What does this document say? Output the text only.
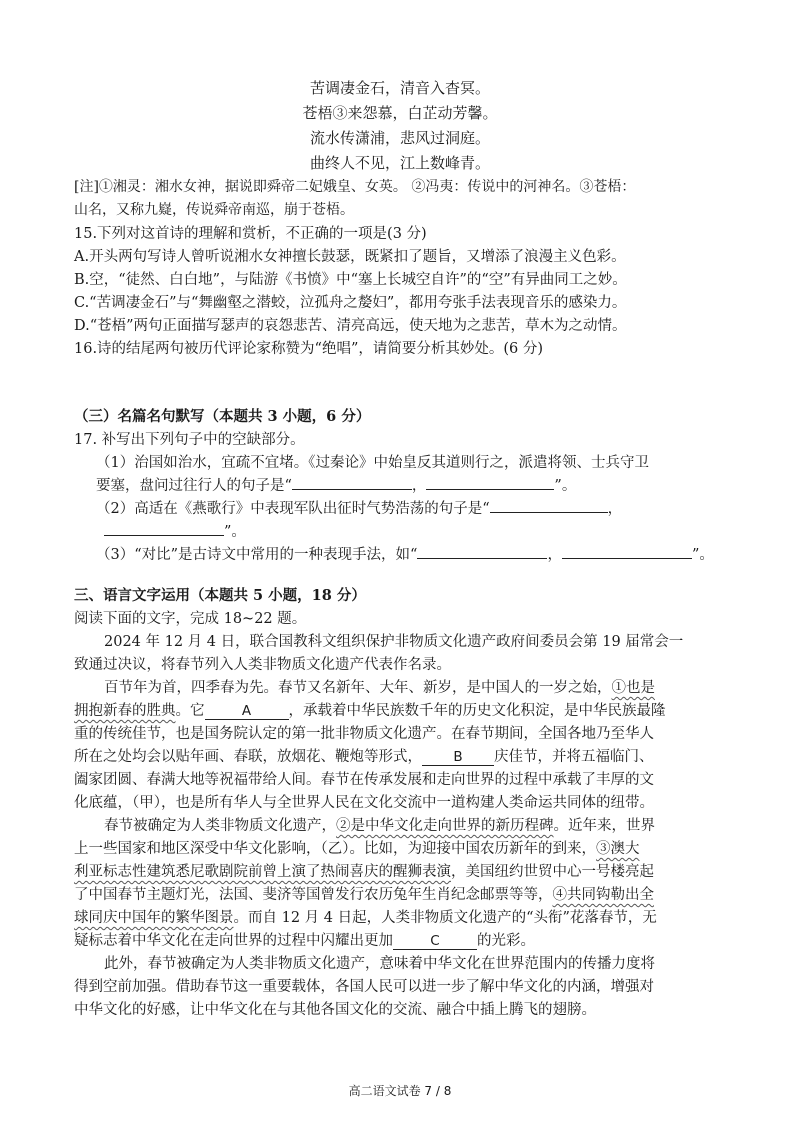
苦调凄金石，清音入杳冥。
苍梧③来怨慕，白芷动芳馨。
流水传潇浦，悲风过洞庭。
曲终人不见，江上数峰青。
[注]①湘灵：湘水女神，据说即舜帝二妃娥皇、女英。 ②冯夷：传说中的河神名。③苍梧：
山名，又称九嶷，传说舜帝南巡，崩于苍梧。
15.下列对这首诗的理解和赏析，不正确的一项是(3 分)
A.开头两句写诗人曾听说湘水女神擅长鼓瑟，既紧扣了题旨，又增添了浪漫主义色彩。
B.空，“徒然、白白地”，与陆游《书愤》中“塞上长城空自许”的“空”有异曲同工之妙。
C.“苦调凄金石”与“舞幽壑之潜蛟，泣孤舟之嫠妇”，都用夸张手法表现音乐的感染力。
D.“苍梧”两句正面描写瑟声的哀怨悲苦、清亮高远，使天地为之悲苦，草木为之动情。
16.诗的结尾两句被历代评论家称赞为“绝唱”，请简要分析其妙处。(6 分)
（三）名篇名句默写（本题共 3 小题，6 分）
17. 补写出下列句子中的空缺部分。
（1）治国如治水，宜疏不宜堵。《过秦论》中始皇反其道则行之，派遣将领、士兵守卫
要塞，盘问过往行人的句子是“	，	”。
（2）高适在《燕歌行》中表现军队出征时气势浩荡的句子是“	，
”。
（3）“对比”是古诗文中常用的一种表现手法，如“	，	”。
三、语言文字运用（本题共 5 小题，18 分）
阅读下面的文字，完成 18~22 题。
2024 年 12 月 4 日，联合国教科文组织保护非物质文化遗产政府间委员会第 19 届常会一
致通过决议，将春节列入人类非物质文化遗产代表作名录。
百节年为首，四季春为先。春节又名新年、大年、新岁，是中国人的一岁之始，①也是
拥抱新春的胜典。它	A	，承载着中华民族数千年的历史文化积淀，是中华民族最隆
重的传统佳节，也是国务院认定的第一批非物质文化遗产。在春节期间，全国各地乃至华人
所在之处均会以贴年画、春联，放烟花、鞭炮等形式， B 庆佳节，并将五福临门、
阖家团圆、春满大地等祝福带给人间。春节在传承发展和走向世界的过程中承载了丰厚的文
化底蕴，（甲），也是所有华人与全世界人民在文化交流中一道构建人类命运共同体的纽带。
春节被确定为人类非物质文化遗产，②是中华文化走向世界的新历程碑。近年来，世界
上一些国家和地区深受中华文化影响，（乙）。比如，为迎接中国农历新年的到来，③澳大
利亚标志性建筑悉尼歌剧院前曾上演了热闹喜庆的醒狮表演，美国纽约世贸中心一号楼亮起
了中国春节主题灯光，法国、斐济等国曾发行农历兔年生肖纪念邮票等等，④共同钩勒出全
球同庆中国年的繁华图景。而自 12 月 4 日起，人类非物质文化遗产的“头衔”花落春节，无
疑标志着中华文化在走向世界的过程中闪耀出更加	C	的光彩。
此外，春节被确定为人类非物质文化遗产，意味着中华文化在世界范围内的传播力度将
得到空前加强。借助春节这一重要载体，各国人民可以进一步了解中华文化的内涵，增强对
中华文化的好感，让中华文化在与其他各国文化的交流、融合中插上腾飞的翅膀。
高二语文试卷 7 / 8
